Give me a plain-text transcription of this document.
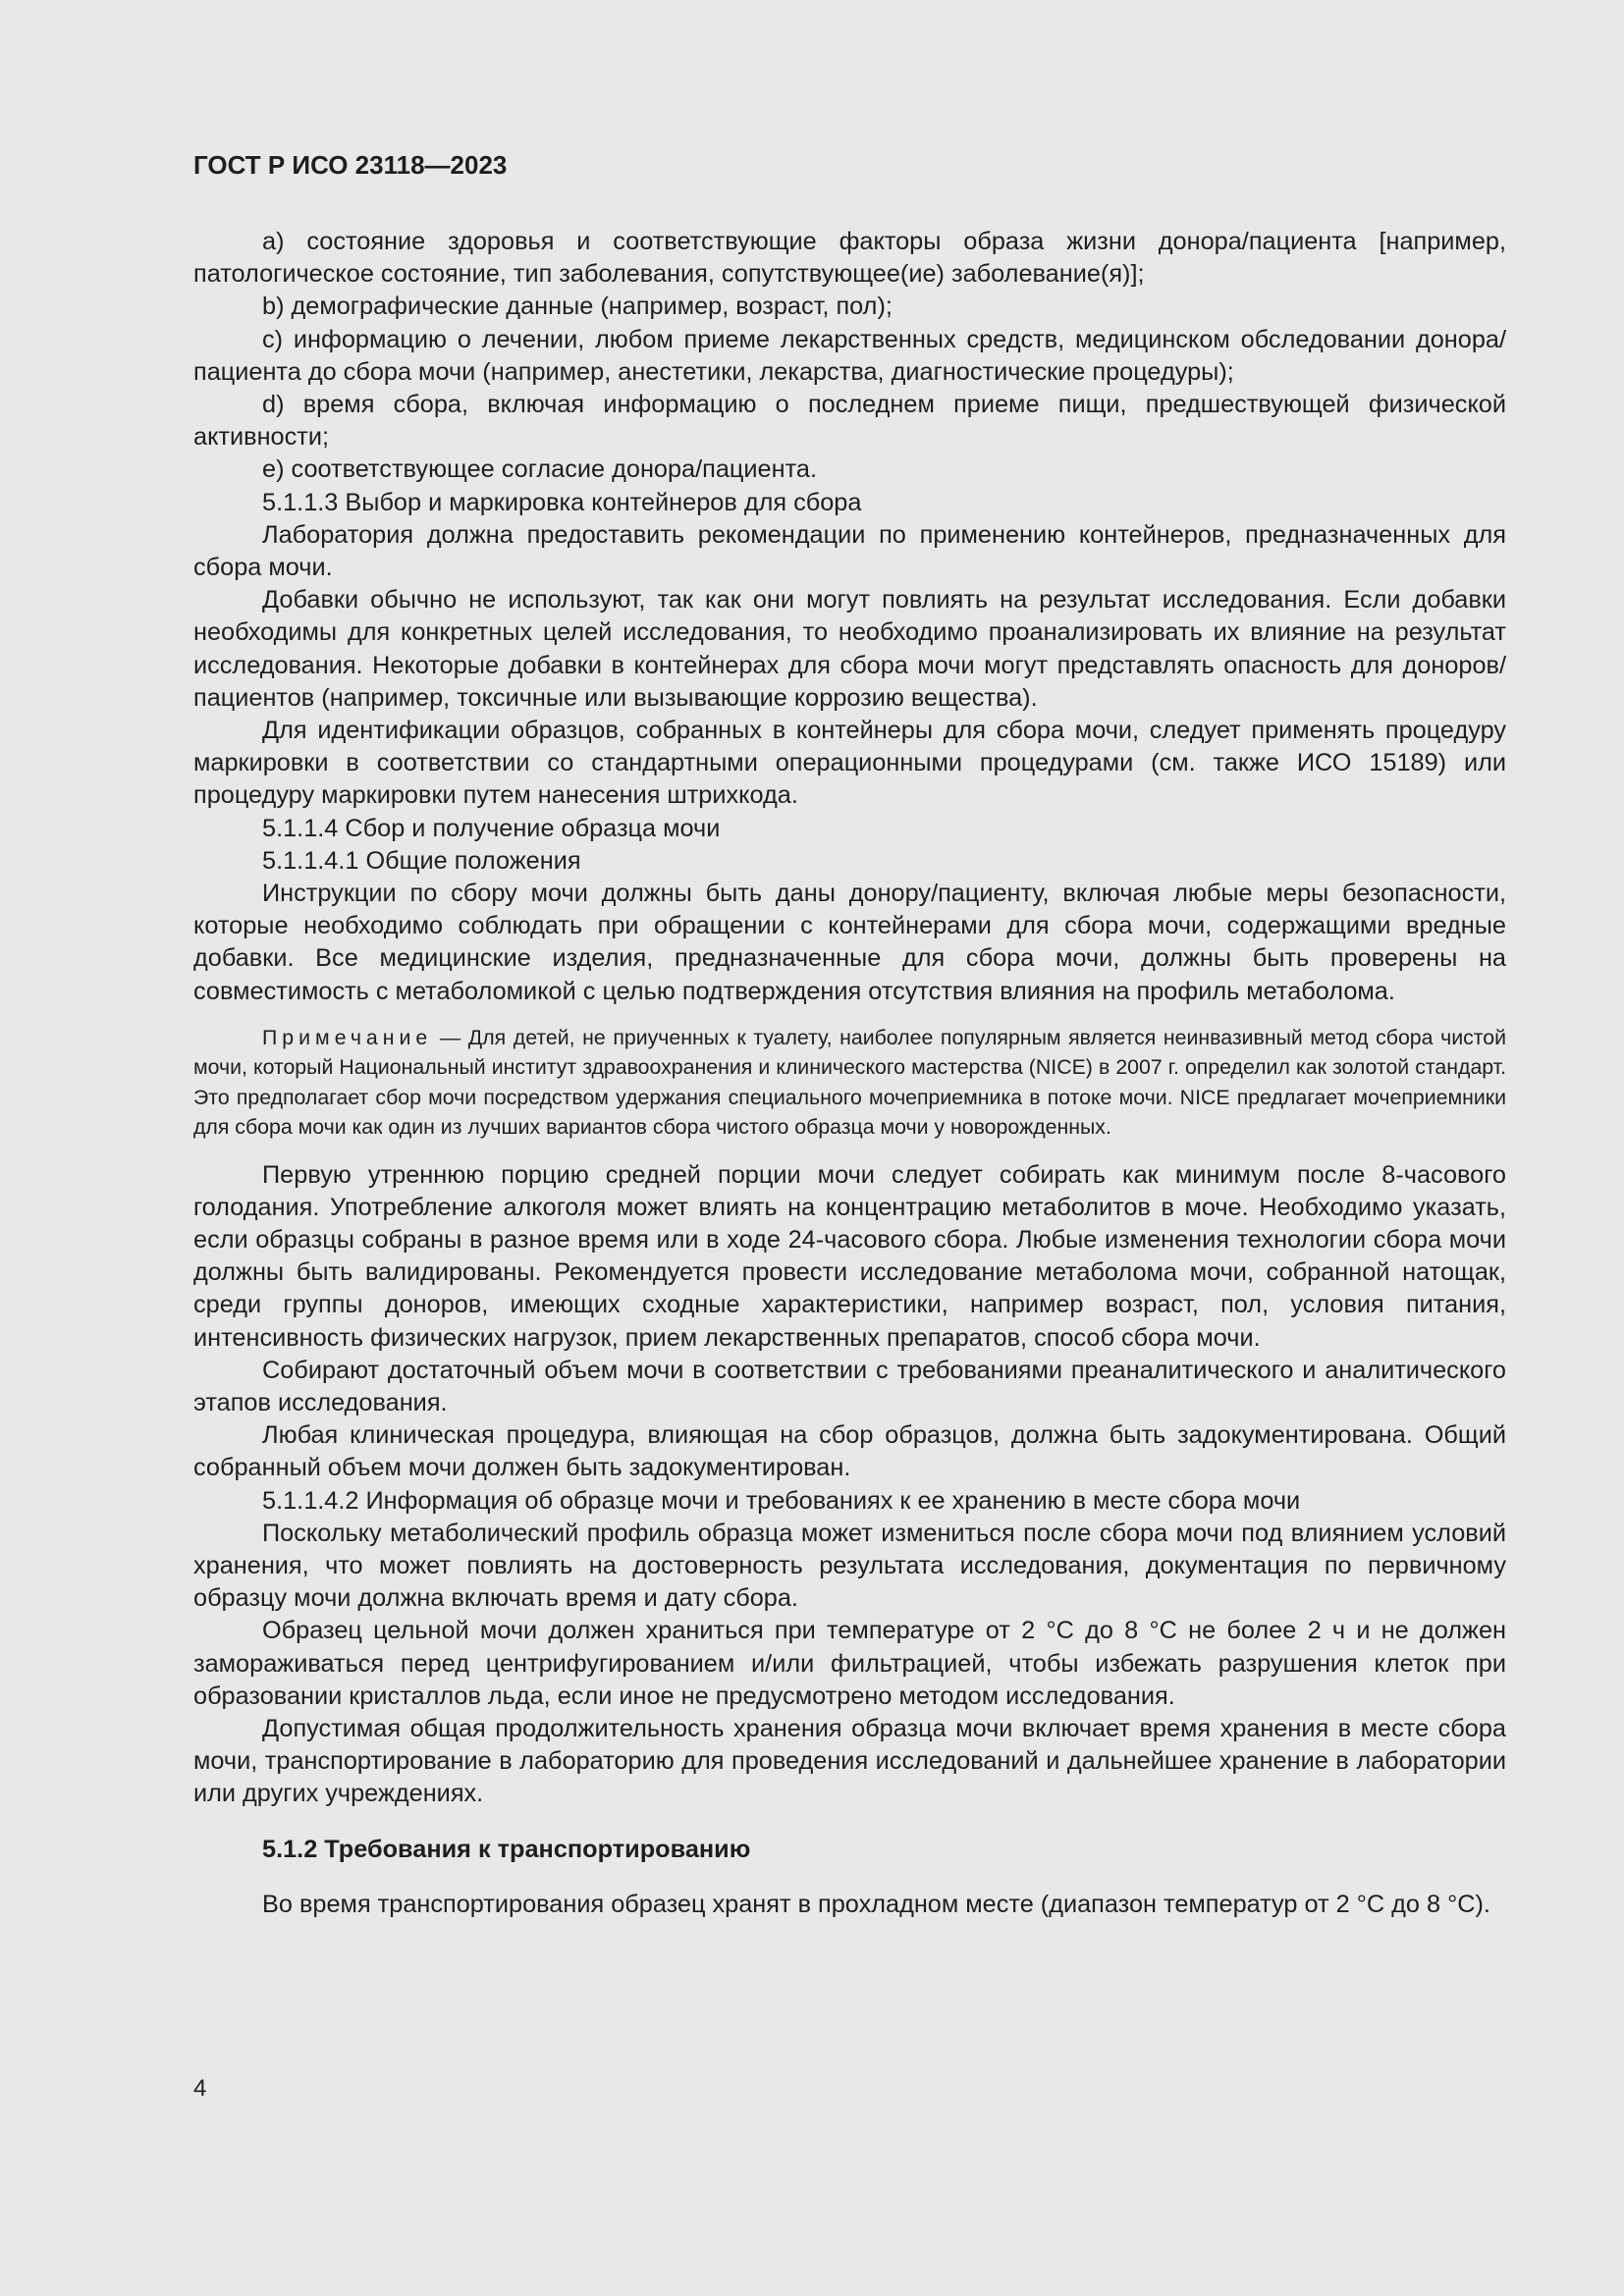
ГОСТ Р ИСО 23118—2023

a) состояние здоровья и соответствующие факторы образа жизни донора/пациента [например, патологическое состояние, тип заболевания, сопутствующее(ие) заболевание(я)];

b) демографические данные (например, возраст, пол);

c) информацию о лечении, любом приеме лекарственных средств, медицинском обследовании донора/пациента до сбора мочи (например, анестетики, лекарства, диагностические процедуры);

d) время сбора, включая информацию о последнем приеме пищи, предшествующей физической активности;

e) соответствующее согласие донора/пациента.

5.1.1.3 Выбор и маркировка контейнеров для сбора

Лаборатория должна предоставить рекомендации по применению контейнеров, предназначенных для сбора мочи.

Добавки обычно не используют, так как они могут повлиять на результат исследования. Если добавки необходимы для конкретных целей исследования, то необходимо проанализировать их влияние на результат исследования. Некоторые добавки в контейнерах для сбора мочи могут представлять опасность для доноров/пациентов (например, токсичные или вызывающие коррозию вещества).

Для идентификации образцов, собранных в контейнеры для сбора мочи, следует применять процедуру маркировки в соответствии со стандартными операционными процедурами (см. также ИСО 15189) или процедуру маркировки путем нанесения штрихкода.

5.1.1.4 Сбор и получение образца мочи

5.1.1.4.1 Общие положения

Инструкции по сбору мочи должны быть даны донору/пациенту, включая любые меры безопасности, которые необходимо соблюдать при обращении с контейнерами для сбора мочи, содержащими вредные добавки. Все медицинские изделия, предназначенные для сбора мочи, должны быть проверены на совместимость с метаболомикой с целью подтверждения отсутствия влияния на профиль метаболома.

Примечание — Для детей, не приученных к туалету, наиболее популярным является неинвазивный метод сбора чистой мочи, который Национальный институт здравоохранения и клинического мастерства (NICE) в 2007 г. определил как золотой стандарт. Это предполагает сбор мочи посредством удержания специального мочеприемника в потоке мочи. NICE предлагает мочеприемники для сбора мочи как один из лучших вариантов сбора чистого образца мочи у новорожденных.

Первую утреннюю порцию средней порции мочи следует собирать как минимум после 8-часового голодания. Употребление алкоголя может влиять на концентрацию метаболитов в моче. Необходимо указать, если образцы собраны в разное время или в ходе 24-часового сбора. Любые изменения технологии сбора мочи должны быть валидированы. Рекомендуется провести исследование метаболома мочи, собранной натощак, среди группы доноров, имеющих сходные характеристики, например возраст, пол, условия питания, интенсивность физических нагрузок, прием лекарственных препаратов, способ сбора мочи.

Собирают достаточный объем мочи в соответствии с требованиями преаналитического и аналитического этапов исследования.

Любая клиническая процедура, влияющая на сбор образцов, должна быть задокументирована. Общий собранный объем мочи должен быть задокументирован.

5.1.1.4.2 Информация об образце мочи и требованиях к ее хранению в месте сбора мочи

Поскольку метаболический профиль образца может измениться после сбора мочи под влиянием условий хранения, что может повлиять на достоверность результата исследования, документация по первичному образцу мочи должна включать время и дату сбора.

Образец цельной мочи должен храниться при температуре от 2 °С до 8 °С не более 2 ч и не должен замораживаться перед центрифугированием и/или фильтрацией, чтобы избежать разрушения клеток при образовании кристаллов льда, если иное не предусмотрено методом исследования.

Допустимая общая продолжительность хранения образца мочи включает время хранения в месте сбора мочи, транспортирование в лабораторию для проведения исследований и дальнейшее хранение в лаборатории или других учреждениях.

5.1.2 Требования к транспортированию

Во время транспортирования образец хранят в прохладном месте (диапазон температур от 2 °С до 8 °С).

4
